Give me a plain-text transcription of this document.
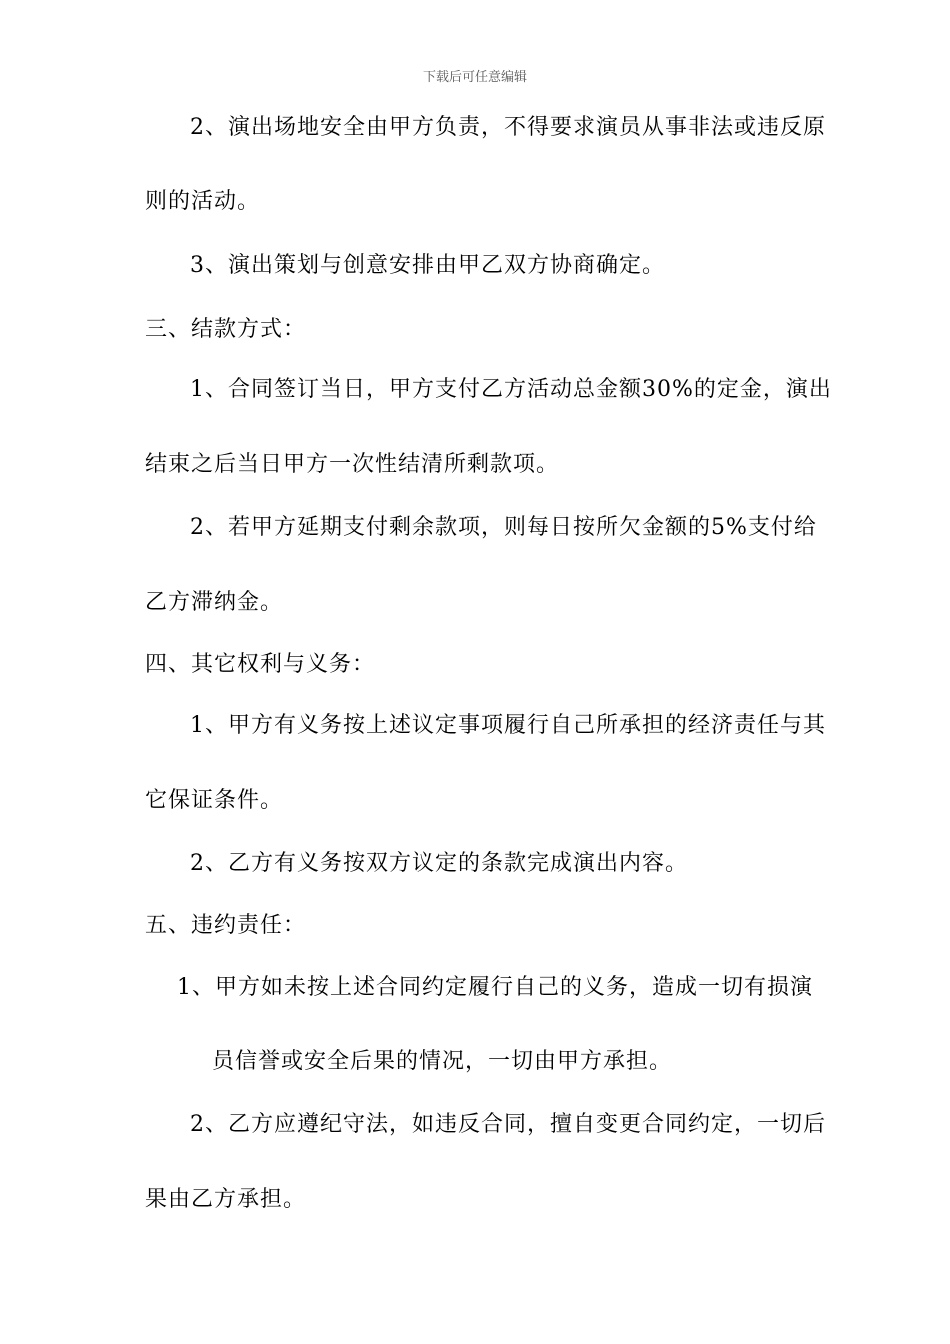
下载后可任意编辑
2、演出场地安全由甲方负责，不得要求演员从事非法或违反原
则的活动。
3、演出策划与创意安排由甲乙双方协商确定。
三、结款方式：
1、合同签订当日，甲方支付乙方活动总金额30%的定金，演出
结束之后当日甲方一次性结清所剩款项。
2、若甲方延期支付剩余款项，则每日按所欠金额的5%支付给
乙方滞纳金。
四、其它权利与义务：
1、甲方有义务按上述议定事项履行自己所承担的经济责任与其
它保证条件。
2、乙方有义务按双方议定的条款完成演出内容。
五、违约责任：
1、甲方如未按上述合同约定履行自己的义务，造成一切有损演
员信誉或安全后果的情况，一切由甲方承担。
2、乙方应遵纪守法，如违反合同，擅自变更合同约定，一切后
果由乙方承担。
